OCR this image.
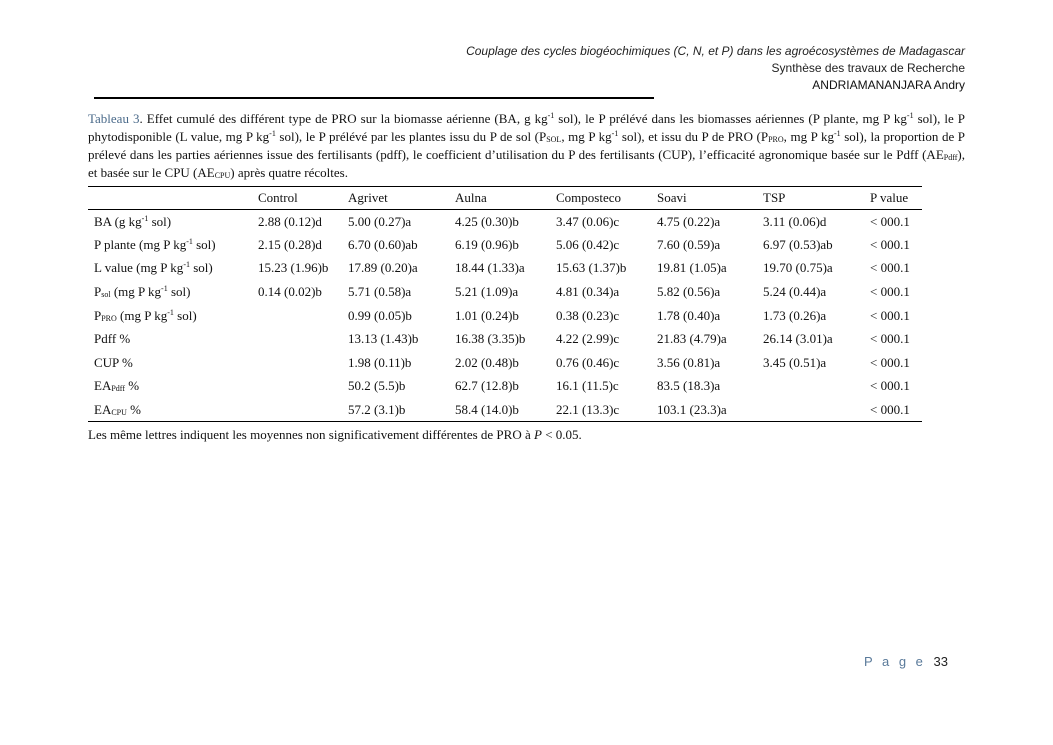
Couplage des cycles biogéochimiques (C, N, et P) dans les agroécosystèmes de Madagascar
Synthèse des travaux de Recherche
ANDRIAMANANJARA Andry
Tableau 3. Effet cumulé des différent type de PRO sur la biomasse aérienne (BA, g $kg^{-1}$ sol), le P prélévé dans les biomasses aériennes (P plante, mg P $kg^{-1}$ sol), le P phytodisponible (L value, mg P $kg^{-1}$ sol), le P prélévé par les plantes issu du P de sol ($P_{SOL}$, mg P $kg^{-1}$ sol), et issu du P de PRO ($P_{PRO}$, mg P $kg^{-1}$ sol), la proportion de P prélevé dans les parties aériennes issue des fertilisants (pdff), le coefficient d’utilisation du P des fertilisants (CUP), l’efficacité agronomique basée sur le Pdff $(AE_{Pdff})$, et basée sur le CPU $(AE_{CPU})$ après quatre récoltes.
	Control	Agrivet	Aulna	Composteco	Soavi	TSP	P value
BA (g $kg^{-1}$ sol)	2.88 (0.12)d	5.00 (0.27)a	4.25 (0.30)b	3.47 (0.06)c	4.75 (0.22)a	3.11 (0.06)d	< 000.1
P plante (mg P $kg^{-1}$ sol)	2.15 (0.28)d	6.70 (0.60)ab	6.19 (0.96)b	5.06 (0.42)c	7.60 (0.59)a	6.97 (0.53)ab	< 000.1
L value (mg P $kg^{-1}$ sol)	15.23 (1.96)b	17.89 (0.20)a	18.44 (1.33)a	15.63 (1.37)b	19.81 (1.05)a	19.70 (0.75)a	< 000.1
$P_{sol}$ (mg P $kg^{-1}$ sol)	0.14 (0.02)b	5.71 (0.58)a	5.21 (1.09)a	4.81 (0.34)a	5.82 (0.56)a	5.24 (0.44)a	< 000.1
$P_{PRO}$ (mg P $kg^{-1}$ sol)		0.99 (0.05)b	1.01 (0.24)b	0.38 (0.23)c	1.78 (0.40)a	1.73 (0.26)a	< 000.1
Pdff %		13.13 (1.43)b	16.38 (3.35)b	4.22 (2.99)c	21.83 (4.79)a	26.14 (3.01)a	< 000.1
CUP %		1.98 (0.11)b	2.02 (0.48)b	0.76 (0.46)c	3.56 (0.81)a	3.45 (0.51)a	< 000.1
$EA_{Pdff}$ %		50.2 (5.5)b	62.7 (12.8)b	16.1 (11.5)c	83.5 (18.3)a		< 000.1
$EA_{CPU}$ %		57.2 (3.1)b	58.4 (14.0)b	22.1 (13.3)c	103.1 (23.3)a		< 000.1
Les même lettres indiquent les moyennes non significativement différentes de PRO à P < 0.05.
P a g e 33
